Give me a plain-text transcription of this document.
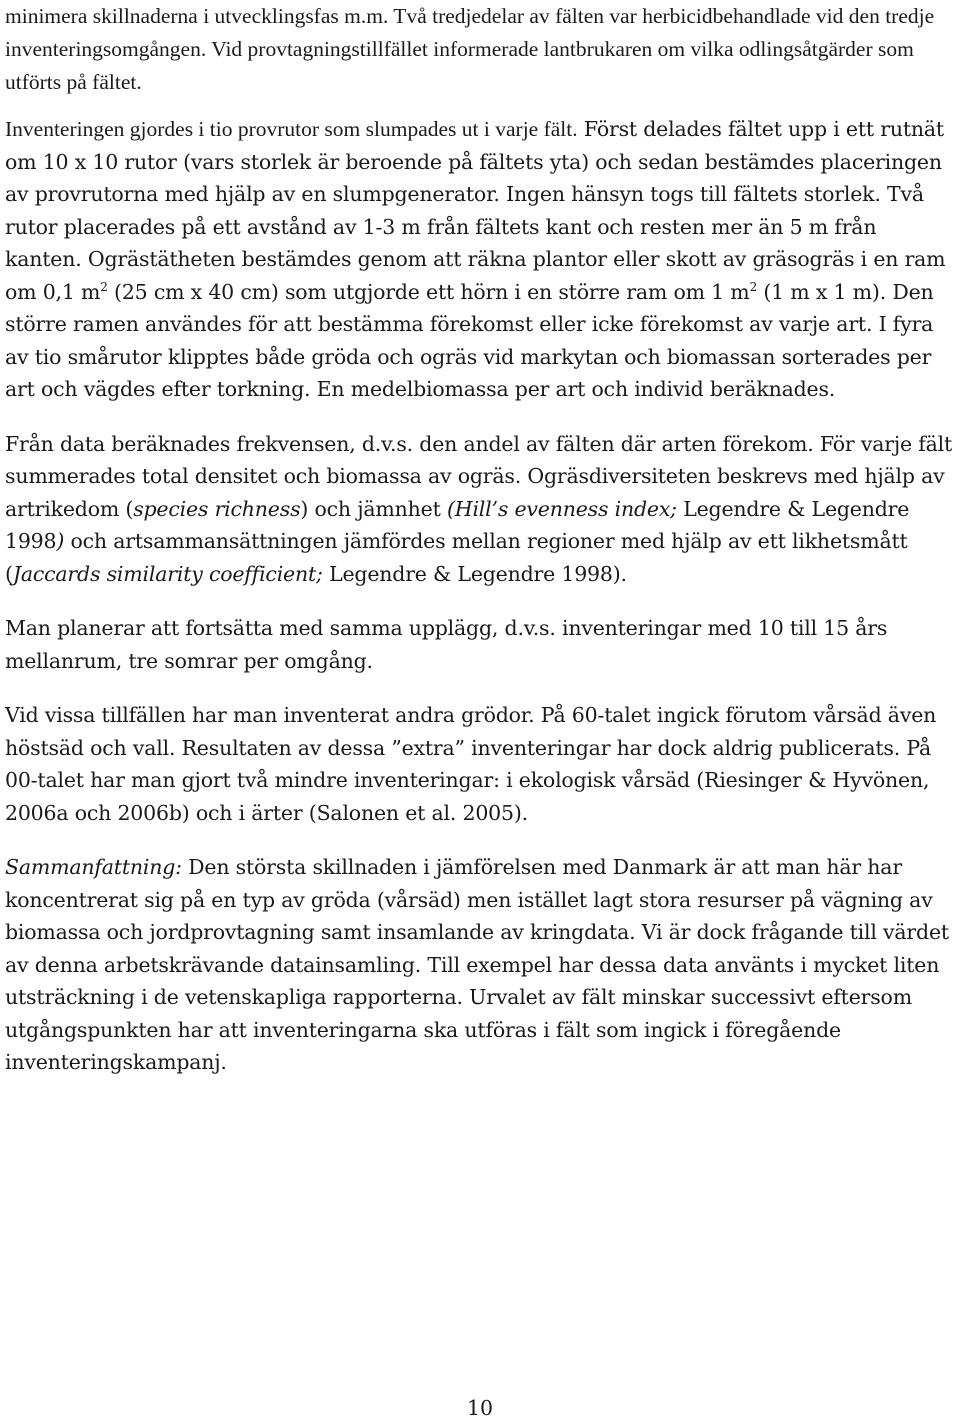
minimera skillnaderna i utvecklingsfas m.m. Två tredjedelar av fälten var herbicidbehandlade vid den tredje inventeringsomgången. Vid provtagningstillfället informerade lantbrukaren om vilka odlingsåtgärder som utförts på fältet.

Inventeringen gjordes i tio provrutor som slumpades ut i varje fält. Först delades fältet upp i ett rutnät om 10 x 10 rutor (vars storlek är beroende på fältets yta) och sedan bestämdes placeringen av provrutorna med hjälp av en slumpgenerator. Ingen hänsyn togs till fältets storlek. Två rutor placerades på ett avstånd av 1-3 m från fältets kant och resten mer än 5 m från kanten. Ogrästätheten bestämdes genom att räkna plantor eller skott av gräsogräs i en ram om 0,1 $m^2$ (25 cm x 40 cm) som utgjorde ett hörn i en större ram om 1 $m^2$ (1 m x 1 m). Den större ramen användes för att bestämma förekomst eller icke förekomst av varje art. I fyra av tio smårutor klipptes både gröda och ogräs vid markytan och biomassan sorterades per art och vägdes efter torkning. En medelbiomassa per art och individ beräknades.

Från data beräknades frekvensen, d.v.s. den andel av fälten där arten förekom. För varje fält summerades total densitet och biomassa av ogräs. Ogräsdiversiteten beskrevs med hjälp av artrikedom (species richness) och jämnhet (Hill’s evenness index; Legendre & Legendre 1998) och artsammansättningen jämfördes mellan regioner med hjälp av ett likhetsmått (Jaccards similarity coefficient; Legendre & Legendre 1998).

Man planerar att fortsätta med samma upplägg, d.v.s. inventeringar med 10 till 15 års mellanrum, tre somrar per omgång.

Vid vissa tillfällen har man inventerat andra grödor. På 60-talet ingick förutom vårsäd även höstsäd och vall. Resultaten av dessa ”extra” inventeringar har dock aldrig publicerats. På 00-talet har man gjort två mindre inventeringar: i ekologisk vårsäd (Riesinger & Hyvönen, 2006a och 2006b) och i ärter (Salonen et al. 2005).

Sammanfattning: Den största skillnaden i jämförelsen med Danmark är att man här har koncentrerat sig på en typ av gröda (vårsäd) men istället lagt stora resurser på vägning av biomassa och jordprovtagning samt insamlande av kringdata. Vi är dock frågande till värdet av denna arbetskrävande datainsamling. Till exempel har dessa data använts i mycket liten utsträckning i de vetenskapliga rapporterna. Urvalet av fält minskar successivt eftersom utgångspunkten har att inventeringarna ska utföras i fält som ingick i föregående inventeringskampanj.

10
